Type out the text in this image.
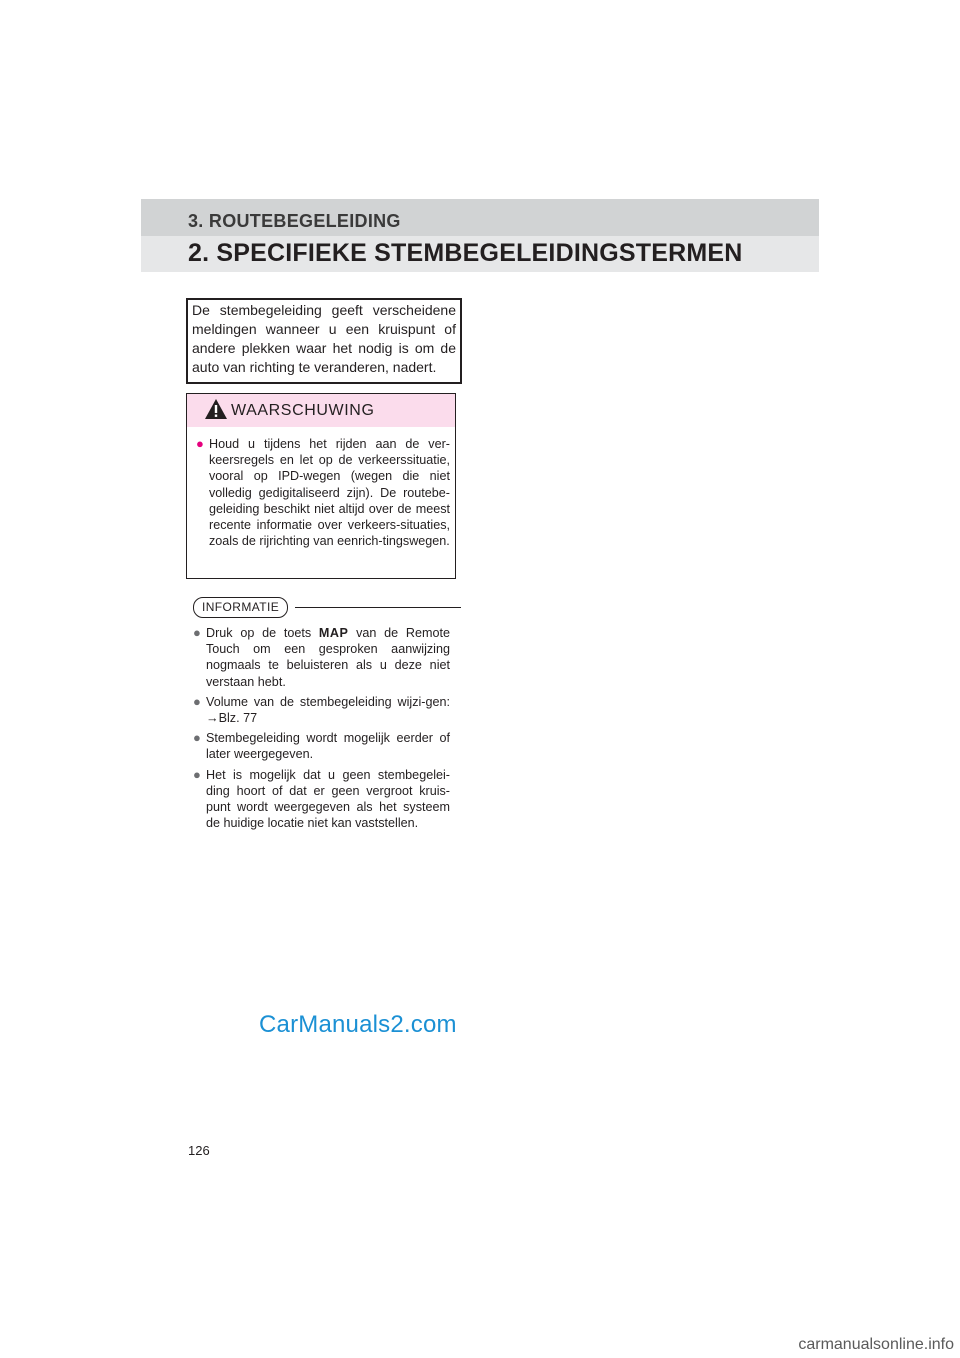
3. ROUTEBEGELEIDING
2. SPECIFIEKE STEMBEGELEIDINGSTERMEN
De stembegeleiding geeft verscheidene meldingen wanneer u een kruispunt of andere plekken waar het nodig is om de auto van richting te veranderen, nadert.
WAARSCHUWING
● Houd u tijdens het rijden aan de ver-keersregels en let op de verkeerssituatie, vooral op IPD-wegen (wegen die niet volledig gedigitaliseerd zijn). De routebe-geleiding beschikt niet altijd over de meest recente informatie over verkeers-situaties, zoals de rijrichting van eenrich-tingswegen.
INFORMATIE
● Druk op de toets MAP van de Remote Touch om een gesproken aanwijzing nogmaals te beluisteren als u deze niet verstaan hebt.
● Volume van de stembegeleiding wijzi-gen: →Blz. 77
● Stembegeleiding wordt mogelijk eerder of later weergegeven.
● Het is mogelijk dat u geen stembegelei-ding hoort of dat er geen vergroot kruis-punt wordt weergegeven als het systeem de huidige locatie niet kan vaststellen.
CarManuals2.com
126
carmanualsonline.info
